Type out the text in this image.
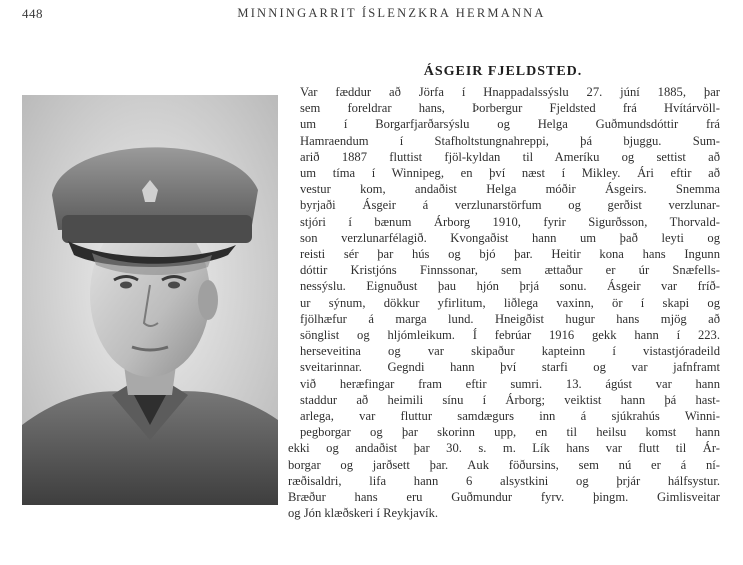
448	MINNINGARRIT ÍSLENZKRA HERMANNA
ÁSGEIR FJELDSTED.
Var fæddur að Jörfa í Hnappadalssýslu 27. júní 1885, þar
sem foreldrar hans, Þorbergur Fjeldsted frá Hvítárvöll-
um í Borgarfjarðarsýslu og Helga Guðmundsdóttir frá
Hamraendum í Stafholtstungnahreppi, þá bjuggu. Sum-
arið 1887 fluttist fjöl-kyldan til Ameríku og settist að
um tíma í Winnipeg, en því næst í Mikley. Ári eftir að
vestur kom, andaðist Helga móðir Ásgeirs. Snemma
byrjaði Ásgeir á verzlunarstörfum og gerðist verzlunar-
stjóri í bænum Árborg 1910, fyrir Sigurðsson, Thorvald-
son verzlunarfélagið. Kvongaðist hann um það leyti og
reisti sér þar hús og bjó þar. Heitir kona hans Ingunn
dóttir Kristjóns Finnssonar, sem ættaður er úr Snæfells-
nessýslu. Eignuðust þau hjón þrjá sonu. Ásgeir var fríð-
ur sýnum, dökkur yfirlitum, liðlega vaxinn, ör í skapi og
fjölhæfur á marga lund. Hneigðist hugur hans mjög að
sönglist og hljómleikum. Í febrúar 1916 gekk hann í 223.
herseveitina og var skipaður kapteinn í vistastjóradeild
sveitarinnar. Gegndi hann því starfi og var jafnframt
við heræfingar fram eftir sumri. 13. ágúst var hann
staddur að heimili sínu í Árborg; veiktist hann þá hast-
arlega, var fluttur samdægurs inn á sjúkrahús Winni-
pegborgar og þar skorinn upp, en til heilsu komst hann
ekki og andaðist þar 30. s. m. Lík hans var flutt til Ár-
borgar og jarðsett þar. Auk föðursins, sem nú er á ní-
ræðisaldri, lifa hann 6 alsystkini og þrjár hálfsystur.
Bræður hans eru Guðmundur fyrv. þingm. Gimlisveitar
og Jón klæðskeri í Reykjavík.
